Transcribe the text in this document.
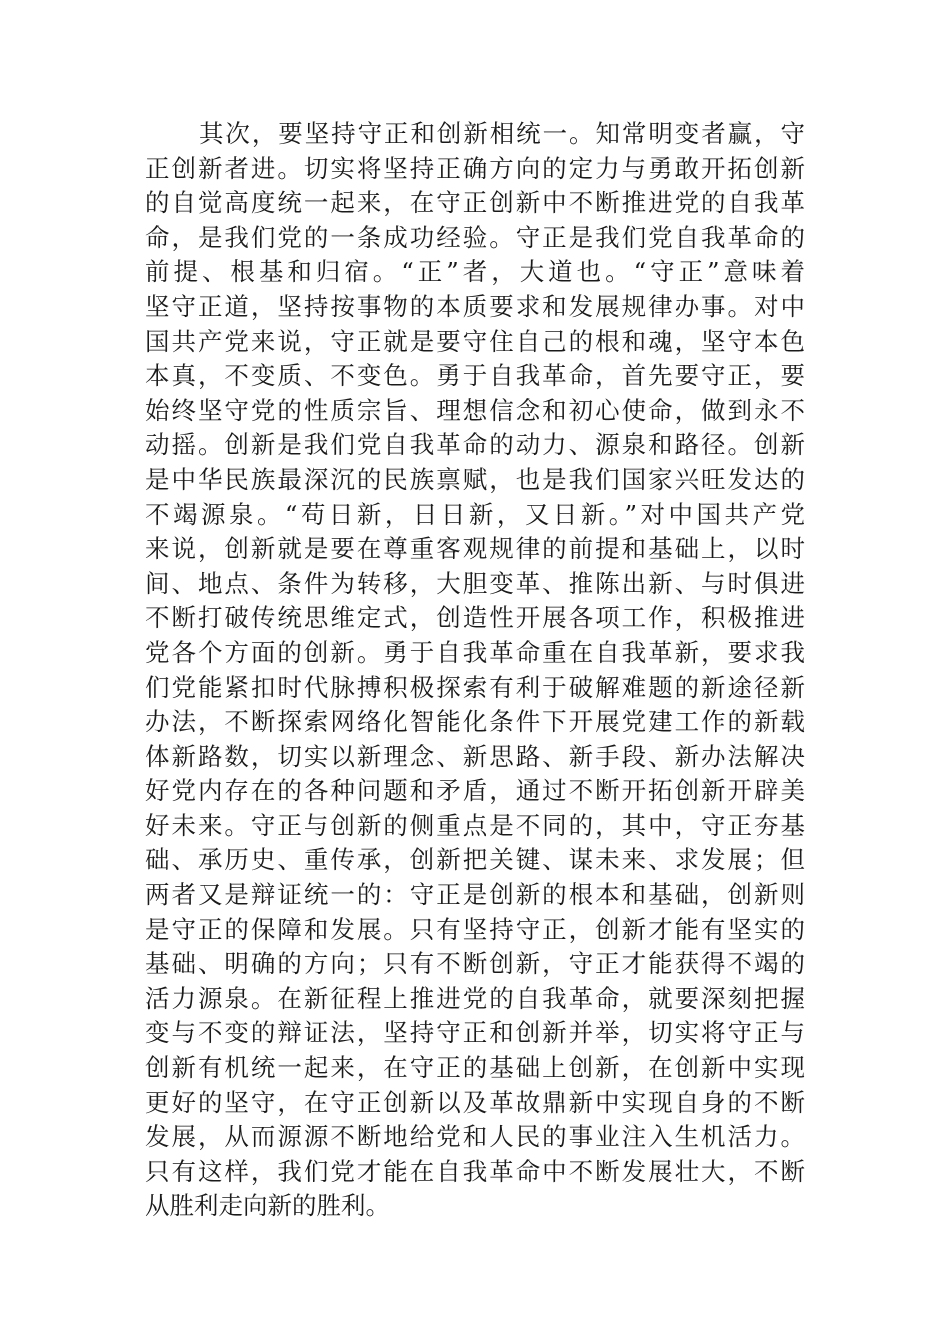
其次，要坚持守正和创新相统一。知常明变者赢，守
正创新者进。切实将坚持正确方向的定力与勇敢开拓创新
的自觉高度统一起来，在守正创新中不断推进党的自我革
命，是我们党的一条成功经验。守正是我们党自我革命的
前提、根基和归宿。“正”者，大道也。“守正”意味着
坚守正道，坚持按事物的本质要求和发展规律办事。对中
国共产党来说，守正就是要守住自己的根和魂，坚守本色
本真，不变质、不变色。勇于自我革命，首先要守正，要
始终坚守党的性质宗旨、理想信念和初心使命，做到永不
动摇。创新是我们党自我革命的动力、源泉和路径。创新
是中华民族最深沉的民族禀赋，也是我们国家兴旺发达的
不竭源泉。“苟日新，日日新，又日新。”对中国共产党
来说，创新就是要在尊重客观规律的前提和基础上，以时
间、地点、条件为转移，大胆变革、推陈出新、与时俱进
不断打破传统思维定式，创造性开展各项工作，积极推进
党各个方面的创新。勇于自我革命重在自我革新，要求我
们党能紧扣时代脉搏积极探索有利于破解难题的新途径新
办法，不断探索网络化智能化条件下开展党建工作的新载
体新路数，切实以新理念、新思路、新手段、新办法解决
好党内存在的各种问题和矛盾，通过不断开拓创新开辟美
好未来。守正与创新的侧重点是不同的，其中，守正夯基
础、承历史、重传承，创新把关键、谋未来、求发展；但
两者又是辩证统一的：守正是创新的根本和基础，创新则
是守正的保障和发展。只有坚持守正，创新才能有坚实的
基础、明确的方向；只有不断创新，守正才能获得不竭的
活力源泉。在新征程上推进党的自我革命，就要深刻把握
变与不变的辩证法，坚持守正和创新并举，切实将守正与
创新有机统一起来，在守正的基础上创新，在创新中实现
更好的坚守，在守正创新以及革故鼎新中实现自身的不断
发展，从而源源不断地给党和人民的事业注入生机活力。
只有这样，我们党才能在自我革命中不断发展壮大，不断
从胜利走向新的胜利。
